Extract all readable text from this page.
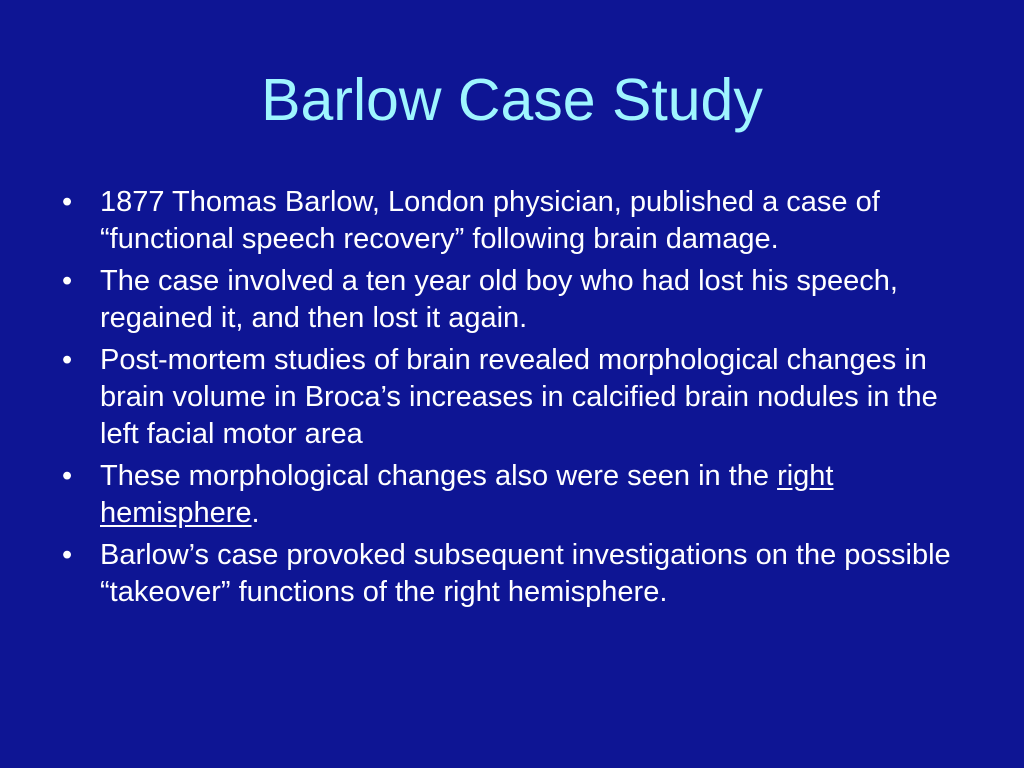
Barlow Case Study
• 1877 Thomas Barlow, London physician, published a case of “functional speech recovery” following brain damage.
• The case involved a ten year old boy who had lost his speech, regained it, and then lost it again.
• Post-mortem studies of brain revealed morphological changes in brain volume in Broca’s increases in calcified brain nodules in the left facial motor area
• These morphological changes also were seen in the right hemisphere.
• Barlow’s case provoked subsequent investigations on the possible “takeover” functions of the right hemisphere.
